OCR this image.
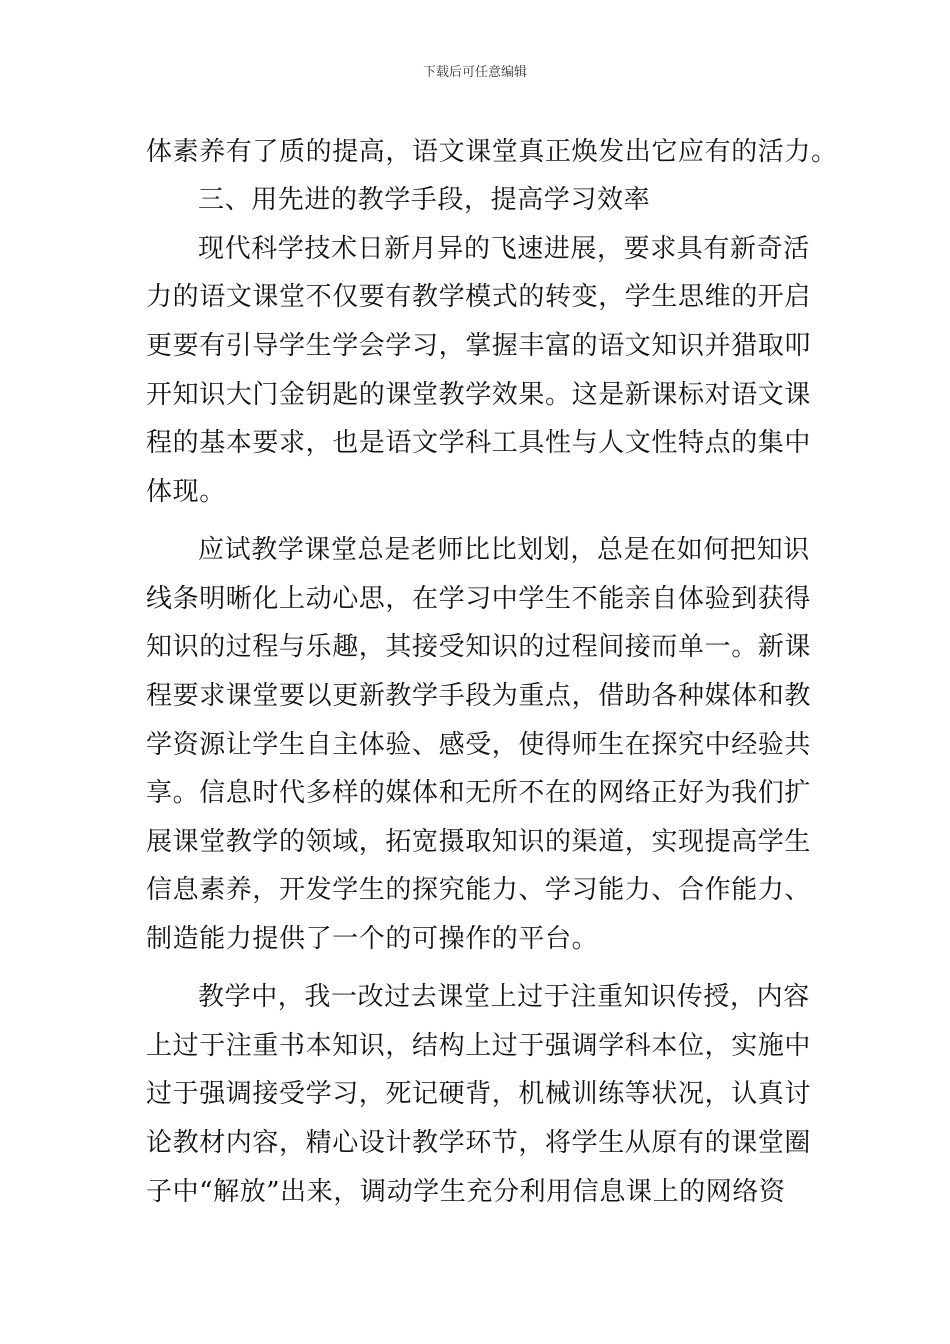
下载后可任意编辑
体素养有了质的提高，语文课堂真正焕发出它应有的活力。
三、用先进的教学手段，提高学习效率
现代科学技术日新月异的飞速进展，要求具有新奇活
力的语文课堂不仅要有教学模式的转变，学生思维的开启
更要有引导学生学会学习，掌握丰富的语文知识并猎取叩
开知识大门金钥匙的课堂教学效果。这是新课标对语文课
程的基本要求，也是语文学科工具性与人文性特点的集中
体现。
应试教学课堂总是老师比比划划，总是在如何把知识
线条明晰化上动心思，在学习中学生不能亲自体验到获得
知识的过程与乐趣，其接受知识的过程间接而单一。新课
程要求课堂要以更新教学手段为重点，借助各种媒体和教
学资源让学生自主体验、感受，使得师生在探究中经验共
享。信息时代多样的媒体和无所不在的网络正好为我们扩
展课堂教学的领域，拓宽摄取知识的渠道，实现提高学生
信息素养，开发学生的探究能力、学习能力、合作能力、
制造能力提供了一个的可操作的平台。
教学中，我一改过去课堂上过于注重知识传授，内容
上过于注重书本知识，结构上过于强调学科本位，实施中
过于强调接受学习，死记硬背，机械训练等状况，认真讨
论教材内容，精心设计教学环节，将学生从原有的课堂圈
子中“解放”出来，调动学生充分利用信息课上的网络资
